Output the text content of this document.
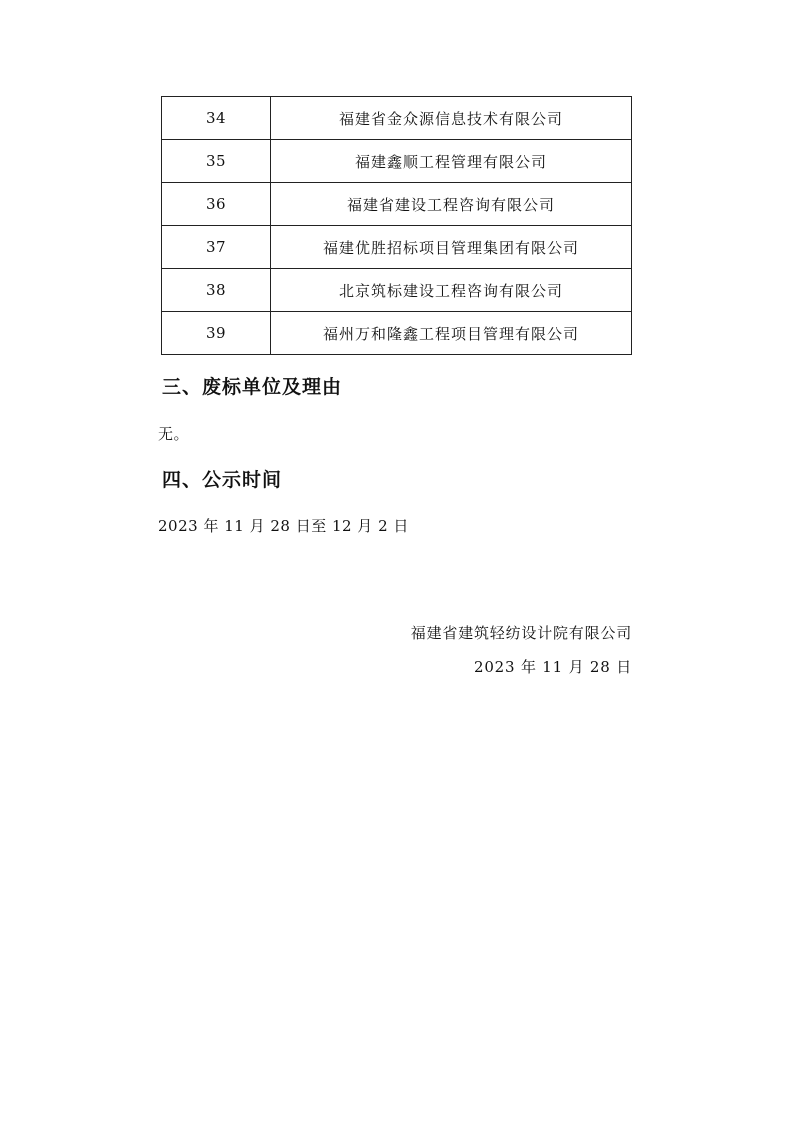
34	福建省金众源信息技术有限公司
35	福建鑫顺工程管理有限公司
36	福建省建设工程咨询有限公司
37	福建优胜招标项目管理集团有限公司
38	北京筑标建设工程咨询有限公司
39	福州万和隆鑫工程项目管理有限公司
三、废标单位及理由
无。
四、公示时间
2023 年 11 月 28 日至 12 月 2 日
福建省建筑轻纺设计院有限公司
2023 年 11 月 28 日
